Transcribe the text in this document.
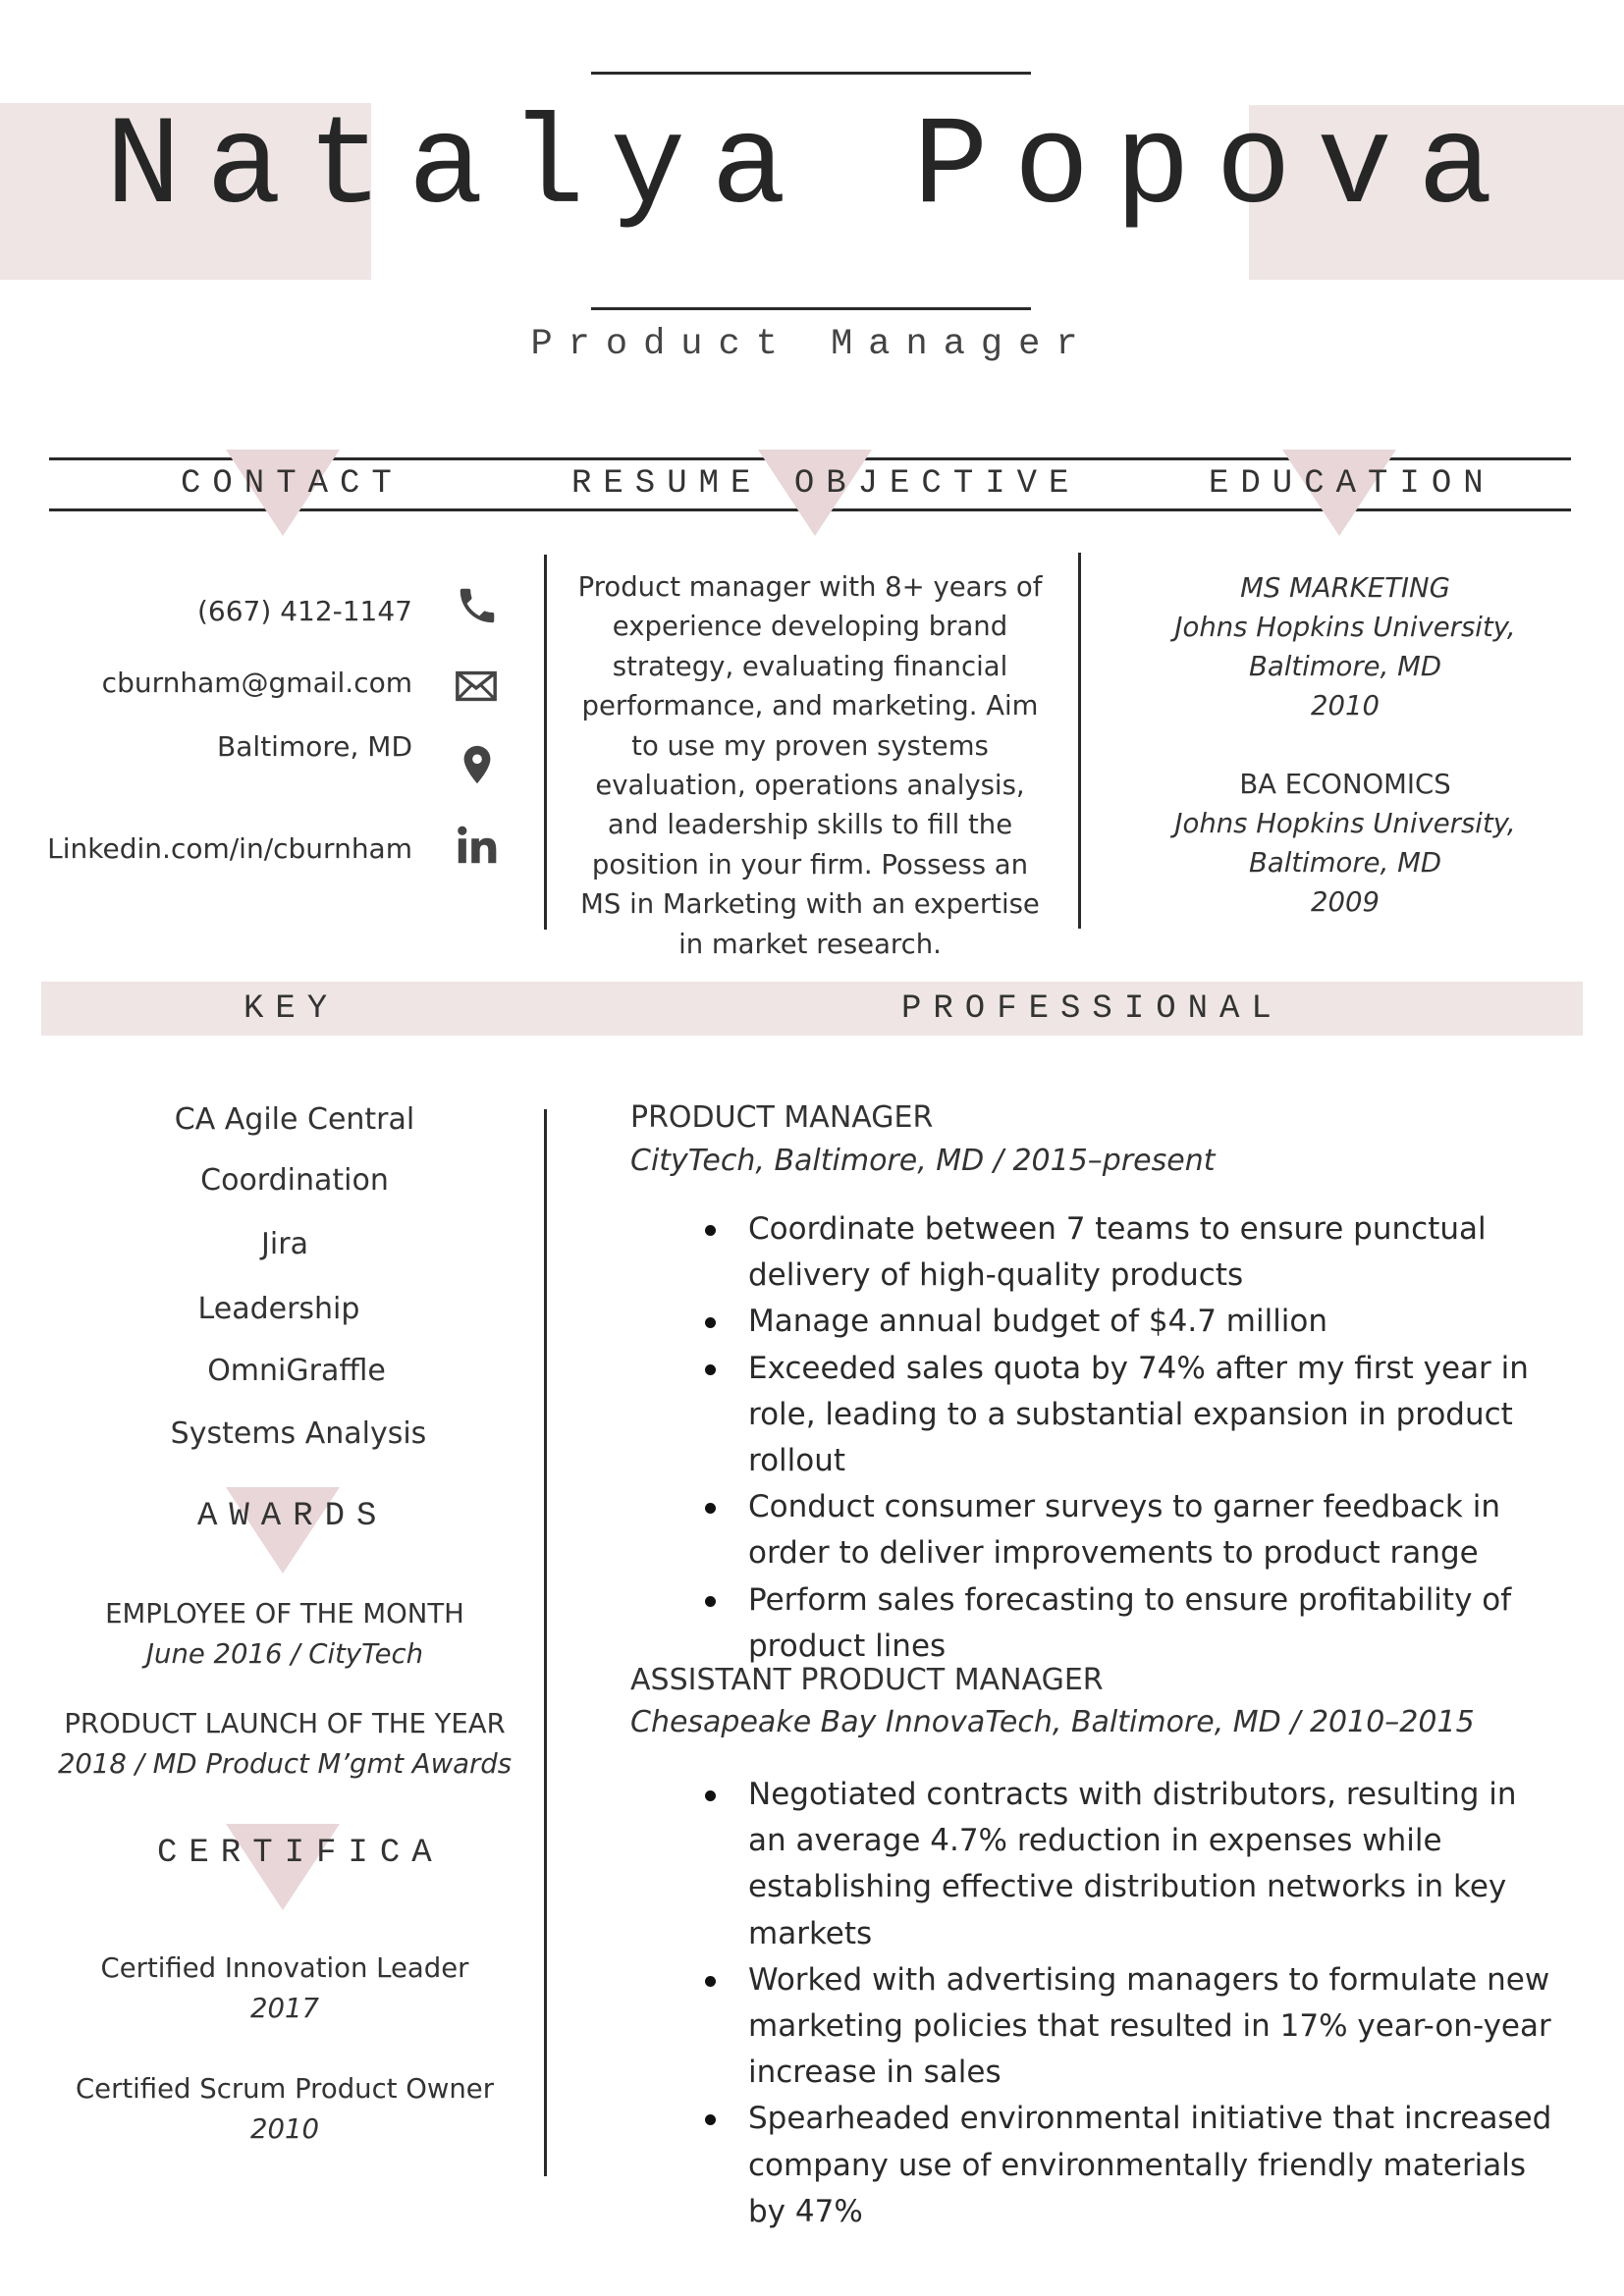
Natalya Popova
Product Manager
CONTACT	RESUME OBJECTIVE	EDUCATION
(667) 412-1147
cburnham@gmail.com
Baltimore, MD
Linkedin.com/in/cburnham
Product manager with 8+ years of experience developing brand strategy, evaluating financial performance, and marketing. Aim to use my proven systems evaluation, operations analysis, and leadership skills to fill the position in your firm. Possess an MS in Marketing with an expertise in market research.
MS MARKETING
Johns Hopkins University,
Baltimore, MD
2010
BA ECONOMICS
Johns Hopkins University,
Baltimore, MD
2009
KEY	PROFESSIONAL
CA Agile Central
Coordination
Jira
Leadership
OmniGraffle
Systems Analysis
AWARDS
EMPLOYEE OF THE MONTH
June 2016 / CityTech
PRODUCT LAUNCH OF THE YEAR
2018 / MD Product M’gmt Awards
CERTIFICA
Certified Innovation Leader
2017
Certified Scrum Product Owner
2010
PRODUCT MANAGER
CityTech, Baltimore, MD / 2015–present
Coordinate between 7 teams to ensure punctual delivery of high-quality products
Manage annual budget of $4.7 million
Exceeded sales quota by 74% after my first year in role, leading to a substantial expansion in product rollout
Conduct consumer surveys to garner feedback in order to deliver improvements to product range
Perform sales forecasting to ensure profitability of product lines
ASSISTANT PRODUCT MANAGER
Chesapeake Bay InnovaTech, Baltimore, MD / 2010–2015
Negotiated contracts with distributors, resulting in an average 4.7% reduction in expenses while establishing effective distribution networks in key markets
Worked with advertising managers to formulate new marketing policies that resulted in 17% year-on-year increase in sales
Spearheaded environmental initiative that increased company use of environmentally friendly materials by 47%
